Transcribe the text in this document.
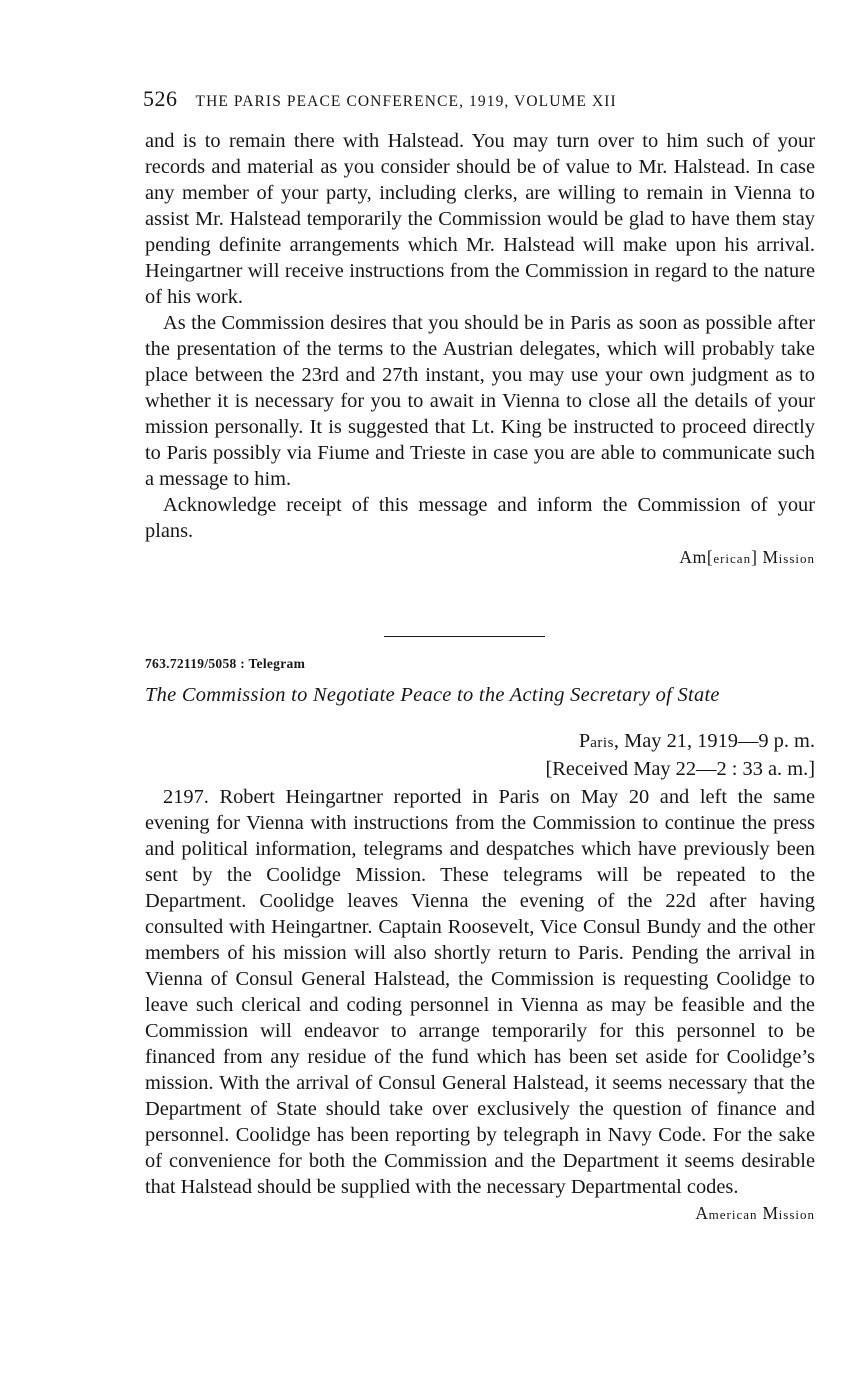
526 THE PARIS PEACE CONFERENCE, 1919, VOLUME XII

and is to remain there with Halstead. You may turn over to him such of your records and material as you consider should be of value to Mr. Halstead. In case any member of your party, including clerks, are willing to remain in Vienna to assist Mr. Halstead temporarily the Commission would be glad to have them stay pending definite arrangements which Mr. Halstead will make upon his arrival. Heingartner will receive instructions from the Commission in regard to the nature of his work.

As the Commission desires that you should be in Paris as soon as possible after the presentation of the terms to the Austrian delegates, which will probably take place between the 23rd and 27th instant, you may use your own judgment as to whether it is necessary for you to await in Vienna to close all the details of your mission personally. It is suggested that Lt. King be instructed to proceed directly to Paris possibly via Fiume and Trieste in case you are able to communicate such a message to him.

Acknowledge receipt of this message and inform the Commission of your plans.

Am[erican] Mission
763.72119/5058 : Telegram
The Commission to Negotiate Peace to the Acting Secretary of State
Paris, May 21, 1919—9 p. m.
[Received May 22—2 : 33 a. m.]

2197. Robert Heingartner reported in Paris on May 20 and left the same evening for Vienna with instructions from the Commission to continue the press and political information, telegrams and despatches which have previously been sent by the Coolidge Mission. These telegrams will be repeated to the Department. Coolidge leaves Vienna the evening of the 22d after having consulted with Heingartner. Captain Roosevelt, Vice Consul Bundy and the other members of his mission will also shortly return to Paris. Pending the arrival in Vienna of Consul General Halstead, the Commission is requesting Coolidge to leave such clerical and coding personnel in Vienna as may be feasible and the Commission will endeavor to arrange temporarily for this personnel to be financed from any residue of the fund which has been set aside for Coolidge’s mission. With the arrival of Consul General Halstead, it seems necessary that the Department of State should take over exclusively the question of finance and personnel. Coolidge has been reporting by telegraph in Navy Code. For the sake of convenience for both the Commission and the Department it seems desirable that Halstead should be supplied with the necessary Departmental codes.

American Mission
